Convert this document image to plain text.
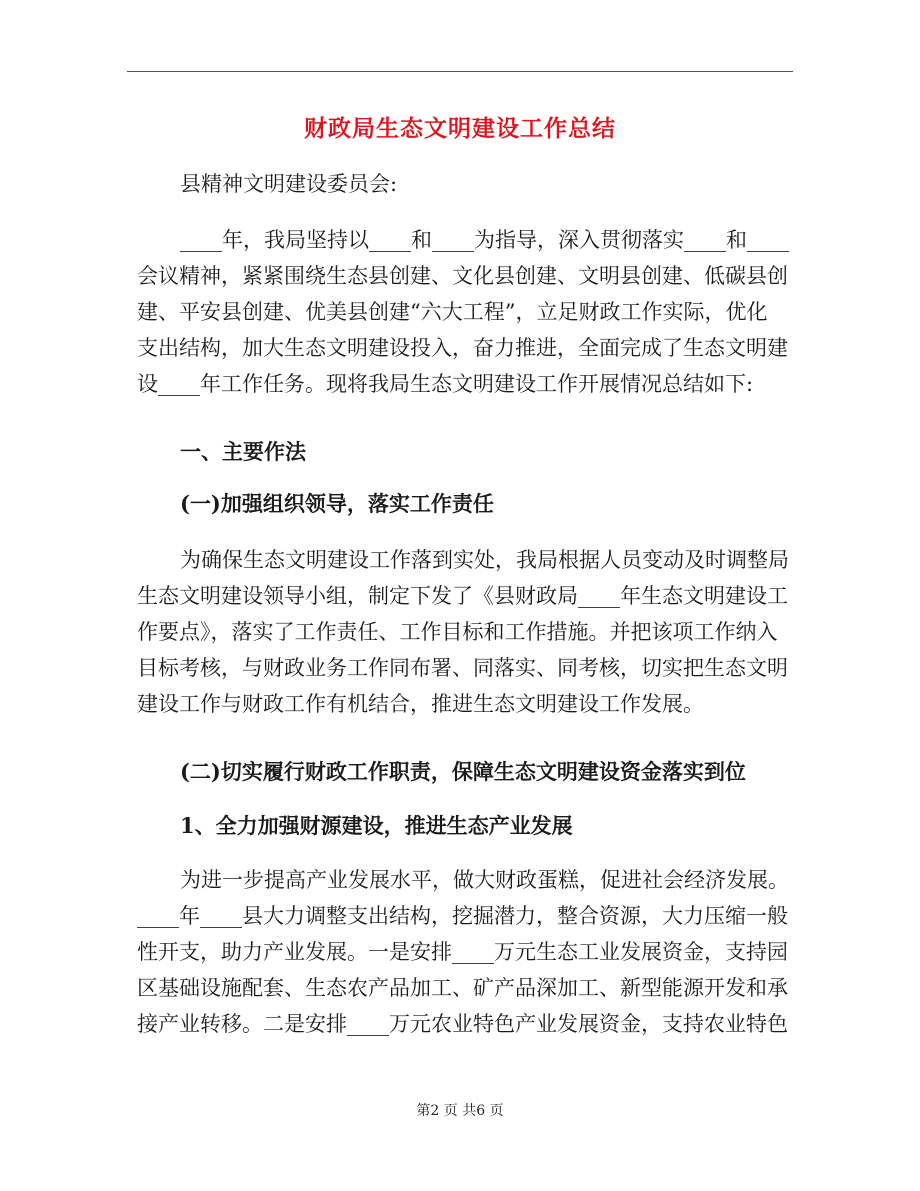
财政局生态文明建设工作总结
县精神文明建设委员会:
____年，我局坚持以____和____为指导，深入贯彻落实____和____
会议精神，紧紧围绕生态县创建、文化县创建、文明县创建、低碳县创
建、平安县创建、优美县创建“六大工程”，立足财政工作实际，优化
支出结构，加大生态文明建设投入，奋力推进，全面完成了生态文明建
设____年工作任务。现将我局生态文明建设工作开展情况总结如下:
一、主要作法
(一)加强组织领导，落实工作责任
为确保生态文明建设工作落到实处，我局根据人员变动及时调整局
生态文明建设领导小组，制定下发了《县财政局____年生态文明建设工
作要点》，落实了工作责任、工作目标和工作措施。并把该项工作纳入
目标考核，与财政业务工作同布署、同落实、同考核，切实把生态文明
建设工作与财政工作有机结合，推进生态文明建设工作发展。
(二)切实履行财政工作职责，保障生态文明建设资金落实到位
1、全力加强财源建设，推进生态产业发展
为进一步提高产业发展水平，做大财政蛋糕，促进社会经济发展。
____年____县大力调整支出结构，挖掘潜力，整合资源，大力压缩一般
性开支，助力产业发展。一是安排____万元生态工业发展资金，支持园
区基础设施配套、生态农产品加工、矿产品深加工、新型能源开发和承
接产业转移。二是安排____万元农业特色产业发展资金，支持农业特色
第2 页 共6 页
